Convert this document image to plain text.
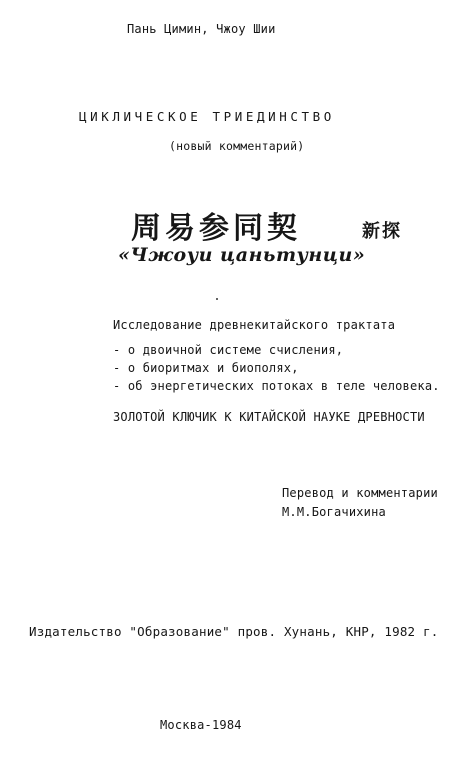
Пань Цимин, Чжоу Шии
ЦИКЛИЧЕСКОЕ ТРИЕДИНСТВО
(новый комментарий)
周易参同契	新探
«Чжоуи цаньтунци»
Исследование древнекитайского трактата
- о двоичной системе счисления,
- о биоритмах и биополях,
- об энергетических потоках в теле человека.
ЗОЛОТОЙ КЛЮЧИК К КИТАЙСКОЙ НАУКЕ ДРЕВНОСТИ
Перевод и комментарии
М.М.Богачихина
Издательство "Образование" пров. Хунань, КНР, 1982 г.
Москва-1984
